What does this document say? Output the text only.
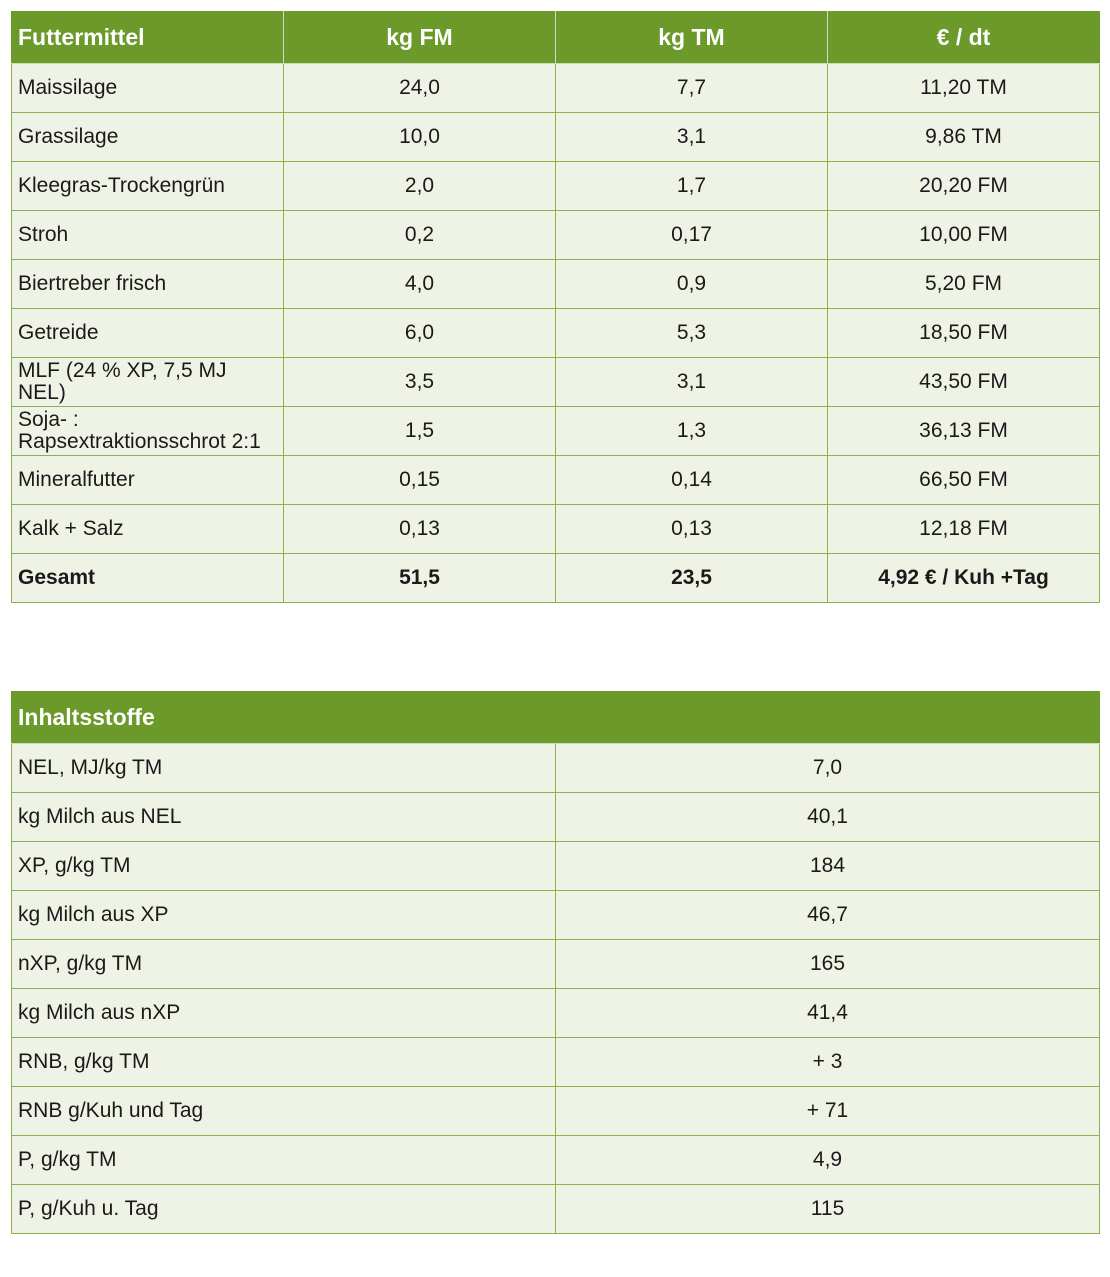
Futtermittel	kg FM	kg TM	€ / dt
Maissilage	24,0	7,7	11,20 TM
Grassilage	10,0	3,1	9,86 TM
Kleegras-Trockengrün	2,0	1,7	20,20 FM
Stroh	0,2	0,17	10,00 FM
Biertreber frisch	4,0	0,9	5,20 FM
Getreide	6,0	5,3	18,50 FM
MLF (24 % XP, 7,5 MJ NEL)	3,5	3,1	43,50 FM
Soja- : Rapsextraktionsschrot 2:1	1,5	1,3	36,13 FM
Mineralfutter	0,15	0,14	66,50 FM
Kalk + Salz	0,13	0,13	12,18 FM
Gesamt	51,5	23,5	4,92 € / Kuh +Tag
Inhaltsstoffe	
NEL, MJ/kg TM	7,0
kg Milch aus NEL	40,1
XP, g/kg TM	184
kg Milch aus XP	46,7
nXP, g/kg TM	165
kg Milch aus nXP	41,4
RNB, g/kg TM	+ 3
RNB g/Kuh und Tag	+ 71
P, g/kg TM	4,9
P, g/Kuh u. Tag	115
